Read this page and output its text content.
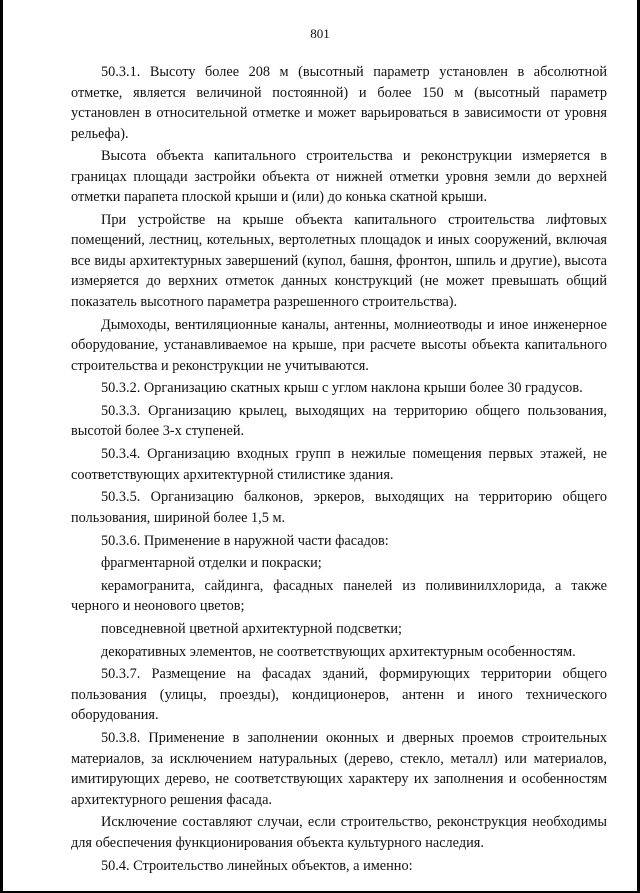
801

50.3.1. Высоту более 208 м (высотный параметр установлен в абсолютной отметке, является величиной постоянной) и более 150 м (высотный параметр установлен в относительной отметке и может варьироваться в зависимости от уровня рельефа).

Высота объекта капитального строительства и реконструкции измеряется в границах площади застройки объекта от нижней отметки уровня земли до верхней отметки парапета плоской крыши и (или) до конька скатной крыши.

При устройстве на крыше объекта капитального строительства лифтовых помещений, лестниц, котельных, вертолетных площадок и иных сооружений, включая все виды архитектурных завершений (купол, башня, фронтон, шпиль и другие), высота измеряется до верхних отметок данных конструкций (не может превышать общий показатель высотного параметра разрешенного строительства).

Дымоходы, вентиляционные каналы, антенны, молниеотводы и иное инженерное оборудование, устанавливаемое на крыше, при расчете высоты объекта капитального строительства и реконструкции не учитываются.

50.3.2. Организацию скатных крыш с углом наклона крыши более 30 градусов.

50.3.3. Организацию крылец, выходящих на территорию общего пользования, высотой более 3-х ступеней.

50.3.4. Организацию входных групп в нежилые помещения первых этажей, не соответствующих архитектурной стилистике здания.

50.3.5. Организацию балконов, эркеров, выходящих на территорию общего пользования, шириной более 1,5 м.

50.3.6. Применение в наружной части фасадов:

фрагментарной отделки и покраски;

керамогранита, сайдинга, фасадных панелей из поливинилхлорида, а также черного и неонового цветов;

повседневной цветной архитектурной подсветки;

декоративных элементов, не соответствующих архитектурным особенностям.

50.3.7. Размещение на фасадах зданий, формирующих территории общего пользования (улицы, проезды), кондиционеров, антенн и иного технического оборудования.

50.3.8. Применение в заполнении оконных и дверных проемов строительных материалов, за исключением натуральных (дерево, стекло, металл) или материалов, имитирующих дерево, не соответствующих характеру их заполнения и особенностям архитектурного решения фасада.

Исключение составляют случаи, если строительство, реконструкция необходимы для обеспечения функционирования объекта культурного наследия.

50.4. Строительство линейных объектов, а именно:
